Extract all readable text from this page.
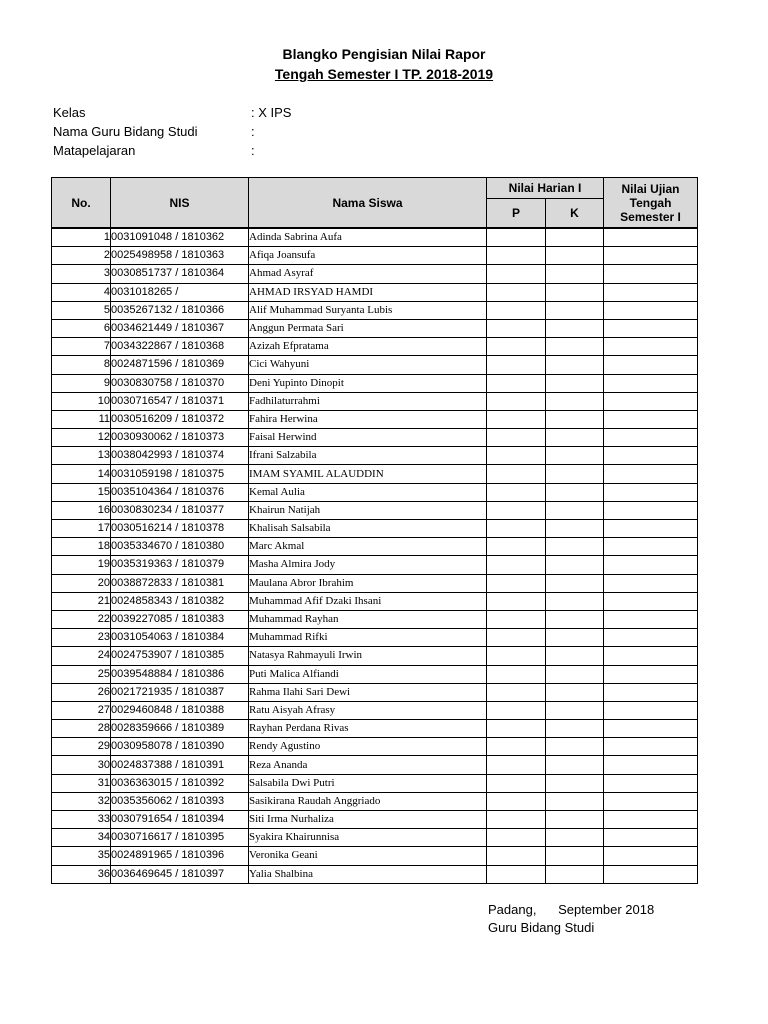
Blangko Pengisian Nilai Rapor
Tengah Semester I TP. 2018-2019
Kelas	: X IPS
Nama Guru Bidang Studi	:
Matapelajaran	:
No.	NIS	Nama Siswa	Nilai Harian I		Nilai Ujian Tengah Semester I
			P	K	
1	0031091048 / 1810362	Adinda Sabrina Aufa			
2	0025498958 / 1810363	Afiqa Joansufa			
3	0030851737 / 1810364	Ahmad Asyraf			
4	0031018265 /	AHMAD IRSYAD HAMDI			
5	0035267132 / 1810366	Alif Muhammad Suryanta Lubis			
6	0034621449 / 1810367	Anggun Permata Sari			
7	0034322867 / 1810368	Azizah Efpratama			
8	0024871596 / 1810369	Cici Wahyuni			
9	0030830758 / 1810370	Deni Yupinto Dinopit			
10	0030716547 / 1810371	Fadhilaturrahmi			
11	0030516209 / 1810372	Fahira Herwina			
12	0030930062 / 1810373	Faisal Herwind			
13	0038042993 / 1810374	Ifrani Salzabila			
14	0031059198 / 1810375	IMAM SYAMIL ALAUDDIN			
15	0035104364 / 1810376	Kemal Aulia			
16	0030830234 / 1810377	Khairun Natijah			
17	0030516214 / 1810378	Khalisah Salsabila			
18	0035334670 / 1810380	Marc Akmal			
19	0035319363 / 1810379	Masha Almira Jody			
20	0038872833 / 1810381	Maulana Abror Ibrahim			
21	0024858343 / 1810382	Muhammad Afif Dzaki Ihsani			
22	0039227085 / 1810383	Muhammad Rayhan			
23	0031054063 / 1810384	Muhammad Rifki			
24	0024753907 / 1810385	Natasya Rahmayuli Irwin			
25	0039548884 / 1810386	Puti Malica Alfiandi			
26	0021721935 / 1810387	Rahma Ilahi Sari Dewi			
27	0029460848 / 1810388	Ratu Aisyah Afrasy			
28	0028359666 / 1810389	Rayhan Perdana Rivas			
29	0030958078 / 1810390	Rendy Agustino			
30	0024837388 / 1810391	Reza Ananda			
31	0036363015 / 1810392	Salsabila Dwi Putri			
32	0035356062 / 1810393	Sasikirana Raudah Anggriado			
33	0030791654 / 1810394	Siti Irma Nurhaliza			
34	0030716617 / 1810395	Syakira Khairunnisa			
35	0024891965 / 1810396	Veronika Geani			
36	0036469645 / 1810397	Yalia Shalbina			
Padang,      September 2018
Guru Bidang Studi
